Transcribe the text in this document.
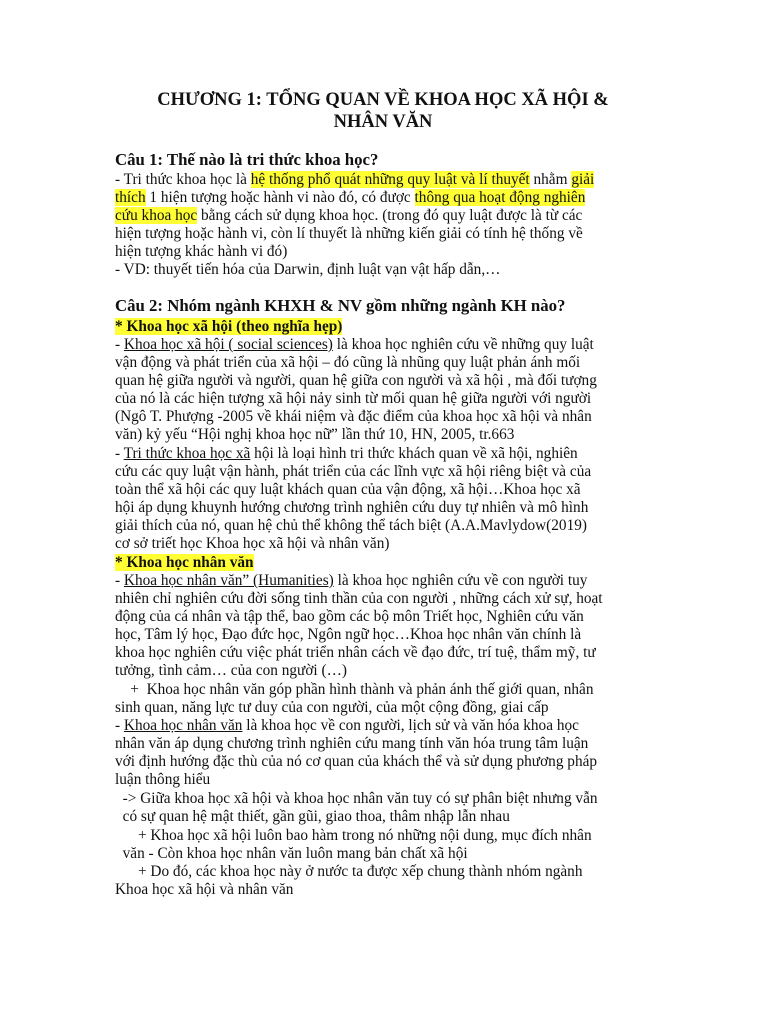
CHƯƠNG 1: TỔNG QUAN VỀ KHOA HỌC XÃ HỘI &
NHÂN VĂN
Câu 1: Thế nào là tri thức khoa học?
- Tri thức khoa học là hệ thống phổ quát những quy luật và lí thuyết nhằm giải
thích 1 hiện tượng hoặc hành vi nào đó, có được thông qua hoạt động nghiên
cứu khoa học bằng cách sử dụng khoa học. (trong đó quy luật được là từ các
hiện tượng hoặc hành vi, còn lí thuyết là những kiến giải có tính hệ thống về
hiện tượng khác hành vi đó)
- VD: thuyết tiến hóa của Darwin, định luật vạn vật hấp dẫn,…
Câu 2: Nhóm ngành KHXH & NV gồm những ngành KH nào?
* Khoa học xã hội (theo nghĩa hẹp)
- Khoa học xã hội ( social sciences) là khoa học nghiên cứu về những quy luật
vận động và phát triển của xã hội – đó cũng là nhũng quy luật phản ánh mối
quan hệ giữa người và người, quan hệ giữa con người và xã hội , mà đối tượng
của nó là các hiện tượng xã hội nảy sinh từ mối quan hệ giữa người với người
(Ngô T. Phượng -2005 về khái niệm và đặc điểm của khoa học xã hội và nhân
văn) kỷ yếu “Hội nghị khoa học nữ” lần thứ 10, HN, 2005, tr.663
- Tri thức khoa học xã hội là loại hình tri thức khách quan về xã hội, nghiên
cứu các quy luật vận hành, phát triển của các lĩnh vực xã hội riêng biệt và của
toàn thể xã hội các quy luật khách quan của vận động, xã hội…Khoa học xã
hội áp dụng khuynh hướng chương trình nghiên cứu duy tự nhiên và mô hình
giải thích của nó, quan hệ chủ thể không thể tách biệt (A.A.Mavlydow(2019)
cơ sở triết học Khoa học xã hội và nhân văn)
* Khoa học nhân văn
- Khoa học nhân văn” (Humanities) là khoa học nghiên cứu về con người tuy
nhiên chỉ nghiên cứu đời sống tinh thần của con người , những cách xử sự, hoạt
động của cá nhân và tập thể, bao gồm các bộ môn Triết học, Nghiên cứu văn
học, Tâm lý học, Đạo đức học, Ngôn ngữ học…Khoa học nhân văn chính là
khoa học nghiên cứu việc phát triển nhân cách về đạo đức, trí tuệ, thẩm mỹ, tư
tưởng, tình cảm… của con người (…)
+  Khoa học nhân văn góp phần hình thành và phản ánh thế giới quan, nhân
sinh quan, năng lực tư duy của con người, của một cộng đồng, giai cấp
- Khoa học nhân văn là khoa học về con người, lịch sử và văn hóa khoa học
nhân văn áp dụng chương trình nghiên cứu mang tính văn hóa trung tâm luận
với định hướng đặc thù của nó cơ quan của khách thể và sử dụng phương pháp
luận thông hiểu
-> Giữa khoa học xã hội và khoa học nhân văn tuy có sự phân biệt nhưng vẫn
có sự quan hệ mật thiết, gần gũi, giao thoa, thâm nhập lẫn nhau
+ Khoa học xã hội luôn bao hàm trong nó những nội dung, mục đích nhân
văn - Còn khoa học nhân văn luôn mang bản chất xã hội
+ Do đó, các khoa học này ở nước ta được xếp chung thành nhóm ngành
Khoa học xã hội và nhân văn
